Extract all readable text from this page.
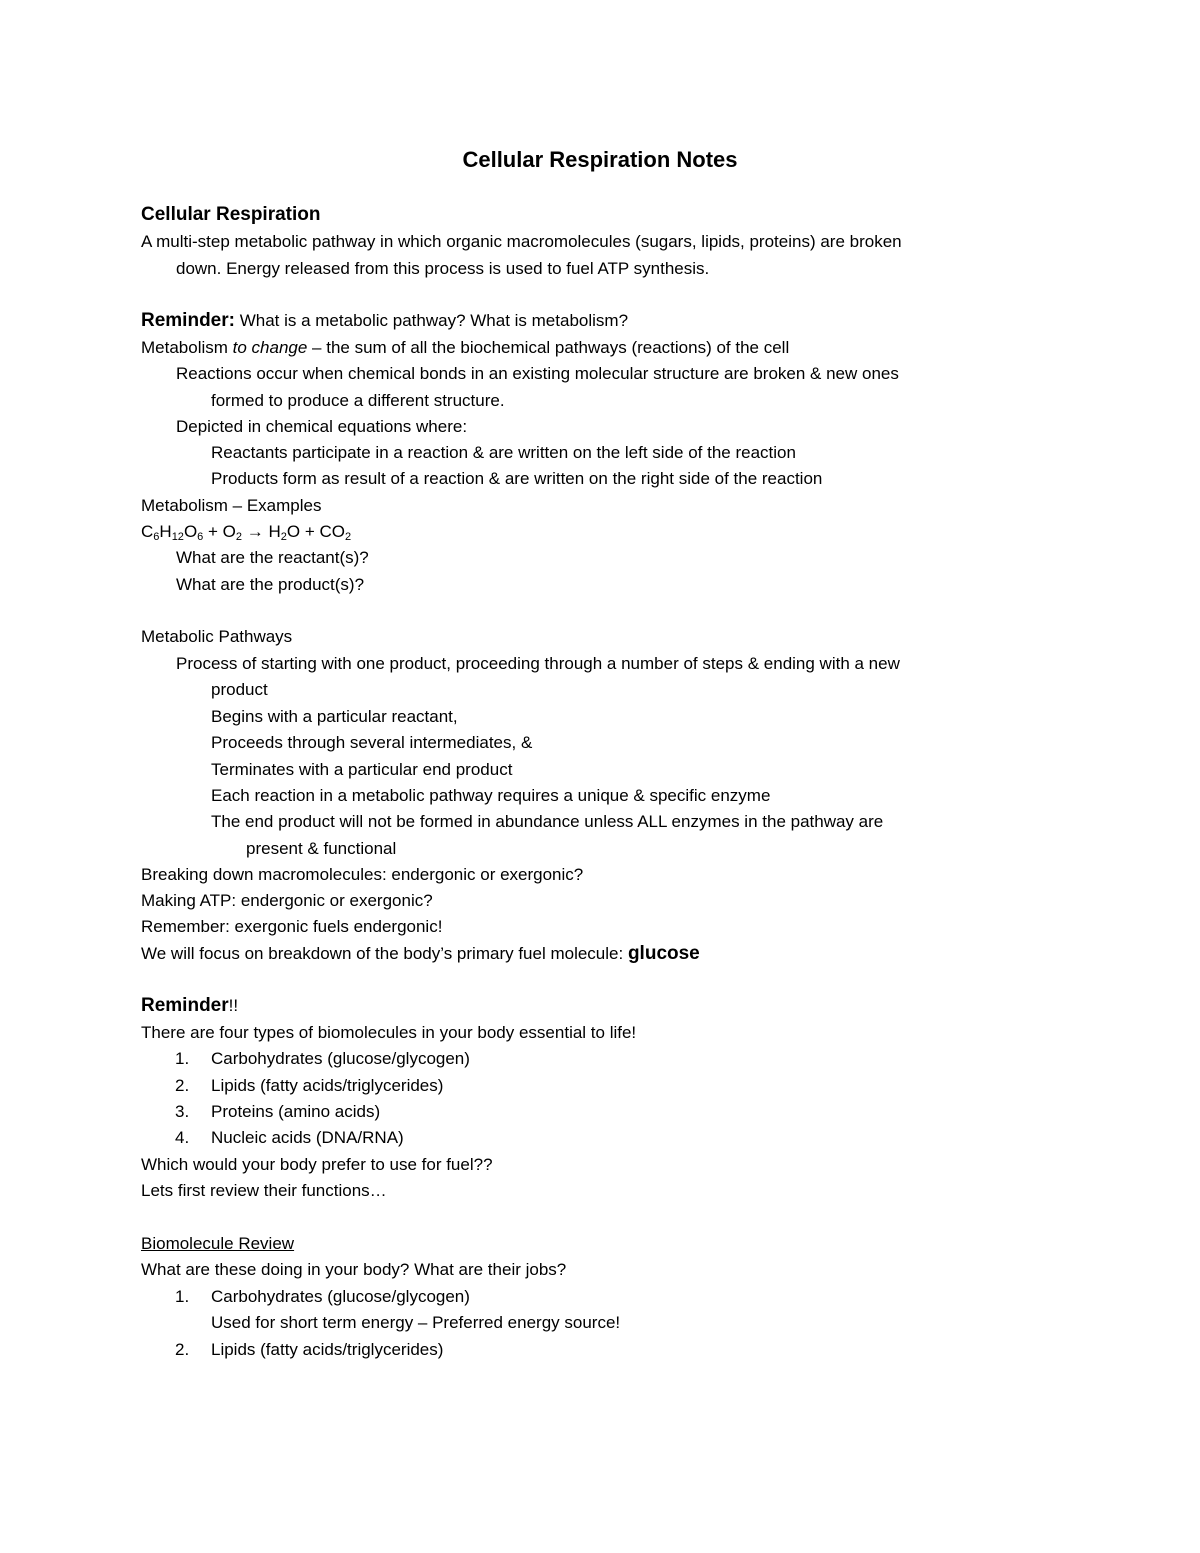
Cellular Respiration Notes
Cellular Respiration
A multi-step metabolic pathway in which organic macromolecules (sugars, lipids, proteins) are broken
down. Energy released from this process is used to fuel ATP synthesis.
Reminder: What is a metabolic pathway? What is metabolism?
Metabolism to change – the sum of all the biochemical pathways (reactions) of the cell
Reactions occur when chemical bonds in an existing molecular structure are broken & new ones
formed to produce a different structure.
Depicted in chemical equations where:
Reactants participate in a reaction & are written on the left side of the reaction
Products form as result of a reaction & are written on the right side of the reaction
Metabolism – Examples
$C_6H_{12}O_6 + O_2 \to H_2O + CO_2$
What are the reactant(s)?
What are the product(s)?
Metabolic Pathways
Process of starting with one product, proceeding through a number of steps & ending with a new
product
Begins with a particular reactant,
Proceeds through several intermediates, &
Terminates with a particular end product
Each reaction in a metabolic pathway requires a unique & specific enzyme
The end product will not be formed in abundance unless ALL enzymes in the pathway are
present & functional
Breaking down macromolecules: endergonic or exergonic?
Making ATP: endergonic or exergonic?
Remember: exergonic fuels endergonic!
We will focus on breakdown of the body’s primary fuel molecule: glucose
Reminder!!
There are four types of biomolecules in your body essential to life!
1. Carbohydrates (glucose/glycogen)
2. Lipids (fatty acids/triglycerides)
3. Proteins (amino acids)
4. Nucleic acids (DNA/RNA)
Which would your body prefer to use for fuel??
Lets first review their functions…
Biomolecule Review
What are these doing in your body? What are their jobs?
1. Carbohydrates (glucose/glycogen)
Used for short term energy – Preferred energy source!
2. Lipids (fatty acids/triglycerides)
